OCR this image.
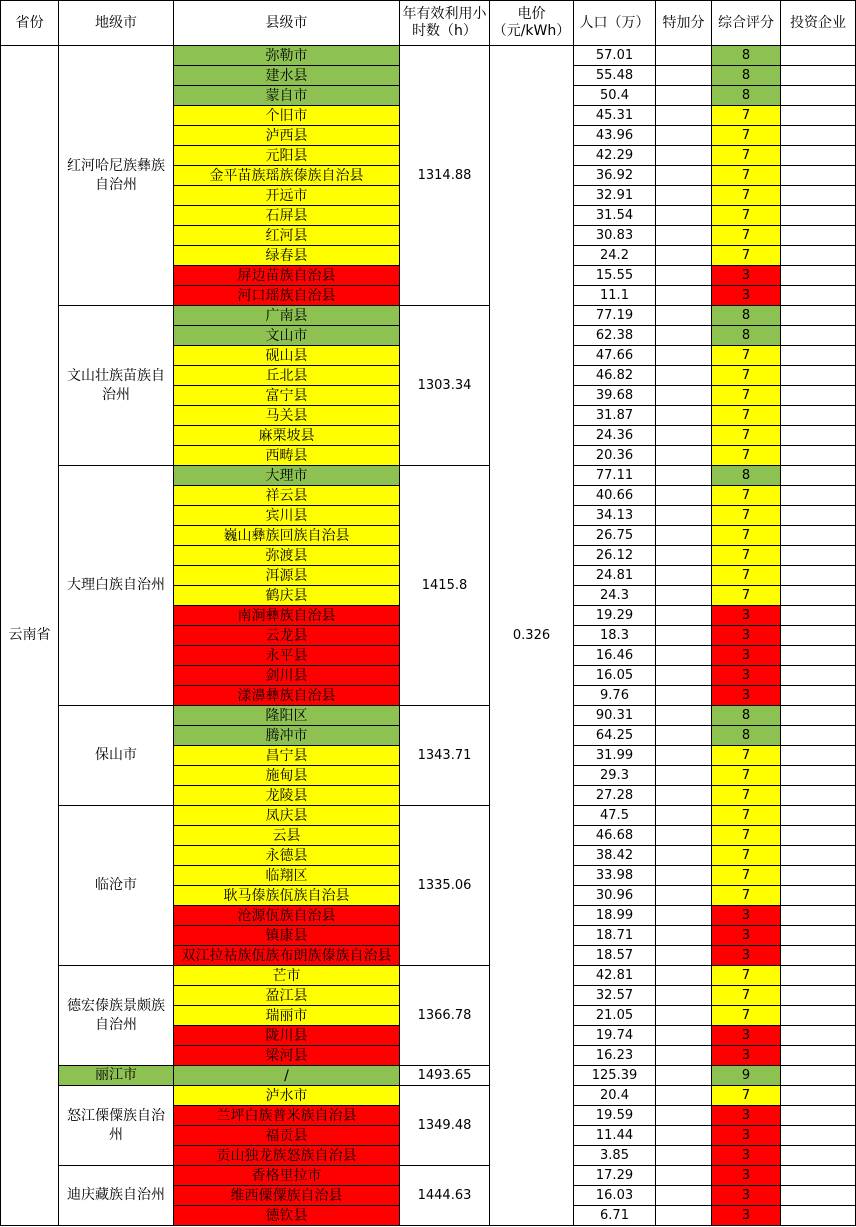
省份	地级市	县级市	年有效利用小时数（h）	电价（元/kWh）	人口（万）	特加分	综合评分	投资企业
云南省	红河哈尼族彝族自治州	弥勒市	1314.88	0.326	57.01		8	
		建水县			55.48		8	
		蒙自市			50.4		8	
		个旧市			45.31		7	
		泸西县			43.96		7	
		元阳县			42.29		7	
		金平苗族瑶族傣族自治县			36.92		7	
		开远市			32.91		7	
		石屏县			31.54		7	
		红河县			30.83		7	
		绿春县			24.2		7	
		屏边苗族自治县			15.55		3	
		河口瑶族自治县			11.1		3	
	文山壮族苗族自治州	广南县	1303.34		77.19		8	
		文山市			62.38		8	
		砚山县			47.66		7	
		丘北县			46.82		7	
		富宁县			39.68		7	
		马关县			31.87		7	
		麻栗坡县			24.36		7	
		西畴县			20.36		7	
	大理白族自治州	大理市	1415.8		77.11		8	
		祥云县			40.66		7	
		宾川县			34.13		7	
		巍山彝族回族自治县			26.75		7	
		弥渡县			26.12		7	
		洱源县			24.81		7	
		鹤庆县			24.3		7	
		南涧彝族自治县			19.29		3	
		云龙县			18.3		3	
		永平县			16.46		3	
		剑川县			16.05		3	
		漾濞彝族自治县			9.76		3	
	保山市	隆阳区	1343.71		90.31		8	
		腾冲市			64.25		8	
		昌宁县			31.99		7	
		施甸县			29.3		7	
		龙陵县			27.28		7	
	临沧市	凤庆县	1335.06		47.5		7	
		云县			46.68		7	
		永德县			38.42		7	
		临翔区			33.98		7	
		耿马傣族佤族自治县			30.96		7	
		沧源佤族自治县			18.99		3	
		镇康县			18.71		3	
		双江拉祜族佤族布朗族傣族自治县			18.57		3	
	德宏傣族景颇族自治州	芒市	1366.78		42.81		7	
		盈江县			32.57		7	
		瑞丽市			21.05		7	
		陇川县			19.74		3	
		梁河县			16.23		3	
	丽江市	/	1493.65		125.39		9	
	怒江傈僳族自治州	泸水市	1349.48		20.4		7	
		兰坪白族普米族自治县			19.59		3	
		福贡县			11.44		3	
		贡山独龙族怒族自治县			3.85		3	
	迪庆藏族自治州	香格里拉市	1444.63		17.29		3	
		维西傈僳族自治县			16.03		3	
		德钦县			6.71		3	
